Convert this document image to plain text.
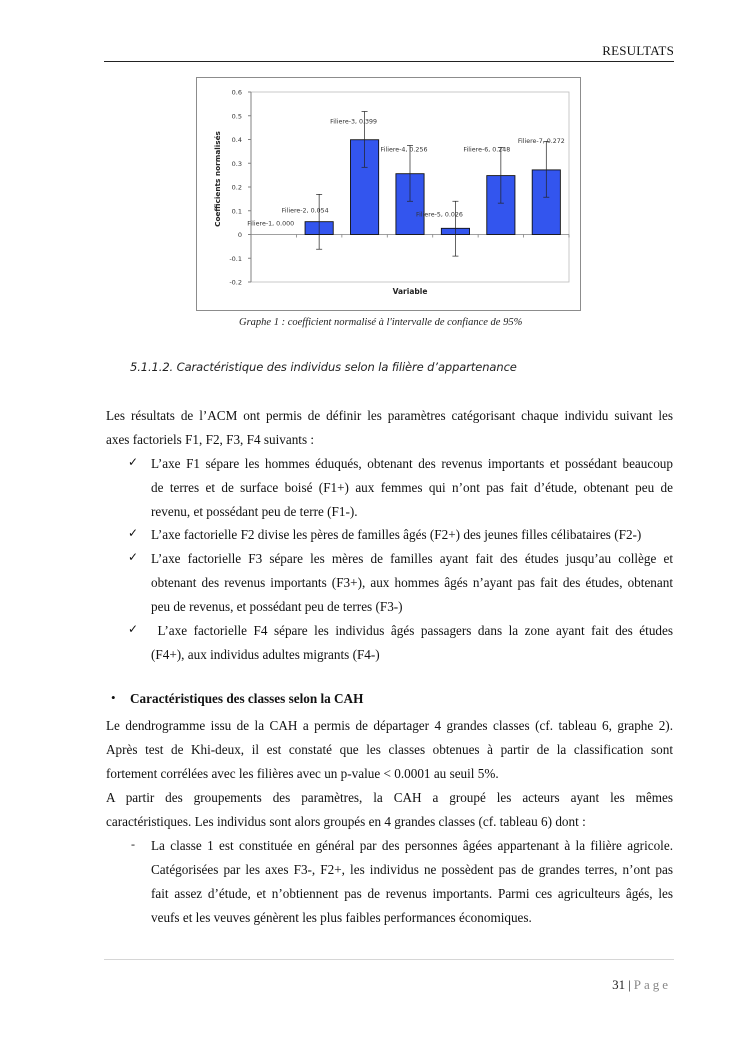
RESULTATS
0.6
0.5
0.4
0.3
0.2
0.1
0
-0.1
-0.2
Filiere-1, 0.000
Filiere-2, 0.054
Filiere-3, 0.399
Filiere-4, 0.256
Filiere-5, 0.026
Filiere-6, 0.248
Filiere-7, 0.272
Variable
Coefficients normalisés
Graphe 1 : coefficient normalisé à l'intervalle de confiance de 95%
5.1.1.2. Caractéristique des individus selon la filière d’appartenance
Les résultats de l’ACM ont permis de définir les paramètres catégorisant chaque individu suivant les
axes factoriels F1, F2, F3, F4 suivants :
✓ L’axe F1 sépare les hommes éduqués, obtenant des revenus importants et possédant beaucoup
de terres et de surface boisé (F1+) aux femmes qui n’ont pas fait d’étude, obtenant peu de
revenu, et possédant peu de terre (F1-).
✓ L’axe factorielle F2 divise les pères de familles âgés (F2+) des jeunes filles célibataires (F2-)
✓ L’axe factorielle F3 sépare les mères de familles ayant fait des études jusqu’au collège et
obtenant des revenus importants (F3+), aux hommes âgés n’ayant pas fait des études, obtenant
peu de revenus, et possédant peu de terres (F3-)
✓ L’axe factorielle F4 sépare les individus âgés passagers dans la zone ayant fait des études
(F4+), aux individus adultes migrants (F4-)
• Caractéristiques des classes selon la CAH
Le dendrogramme issu de la CAH a permis de départager 4 grandes classes (cf. tableau 6, graphe 2).
Après test de Khi-deux, il est constaté que les classes obtenues à partir de la classification sont
fortement corrélées avec les filières avec un p-value < 0.0001 au seuil 5%.
A partir des groupements des paramètres, la CAH a groupé les acteurs ayant les mêmes
caractéristiques. Les individus sont alors groupés en 4 grandes classes (cf. tableau 6) dont :
- La classe 1 est constituée en général par des personnes âgées appartenant à la filière agricole.
Catégorisées par les axes F3-, F2+, les individus ne possèdent pas de grandes terres, n’ont pas
fait assez d’étude, et n’obtiennent pas de revenus importants. Parmi ces agriculteurs âgés, les
veufs et les veuves génèrent les plus faibles performances économiques.
31 | Page
